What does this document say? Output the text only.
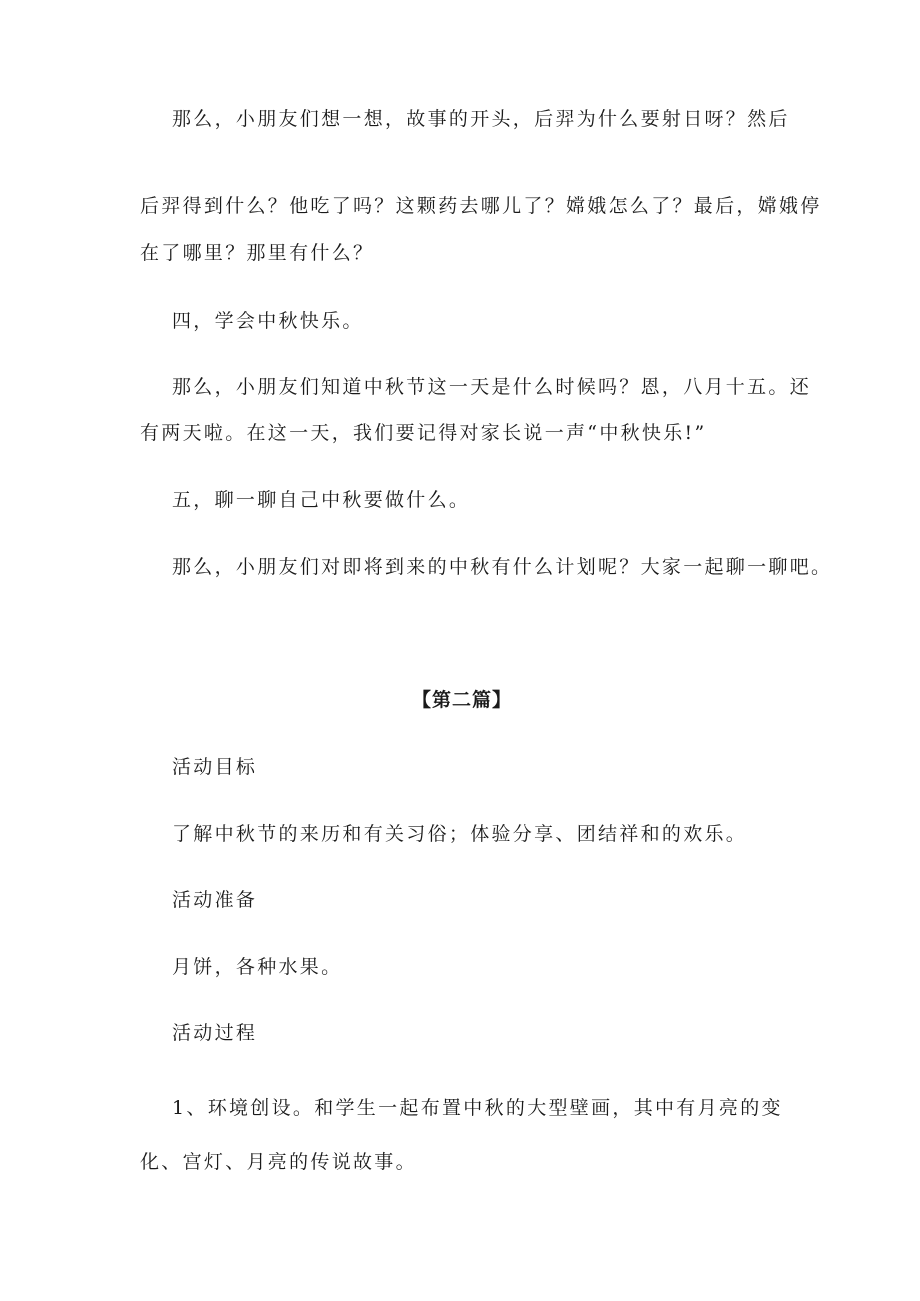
那么，小朋友们想一想，故事的开头，后羿为什么要射日呀？然后
后羿得到什么？他吃了吗？这颗药去哪儿了？嫦娥怎么了？最后，嫦娥停
在了哪里？那里有什么？
四，学会中秋快乐。
那么，小朋友们知道中秋节这一天是什么时候吗？恩，八月十五。还
有两天啦。在这一天，我们要记得对家长说一声“中秋快乐!”
五，聊一聊自己中秋要做什么。
那么，小朋友们对即将到来的中秋有什么计划呢？大家一起聊一聊吧。
【第二篇】
活动目标
了解中秋节的来历和有关习俗；体验分享、团结祥和的欢乐。
活动准备
月饼，各种水果。
活动过程
1、环境创设。和学生一起布置中秋的大型壁画，其中有月亮的变
化、宫灯、月亮的传说故事。
